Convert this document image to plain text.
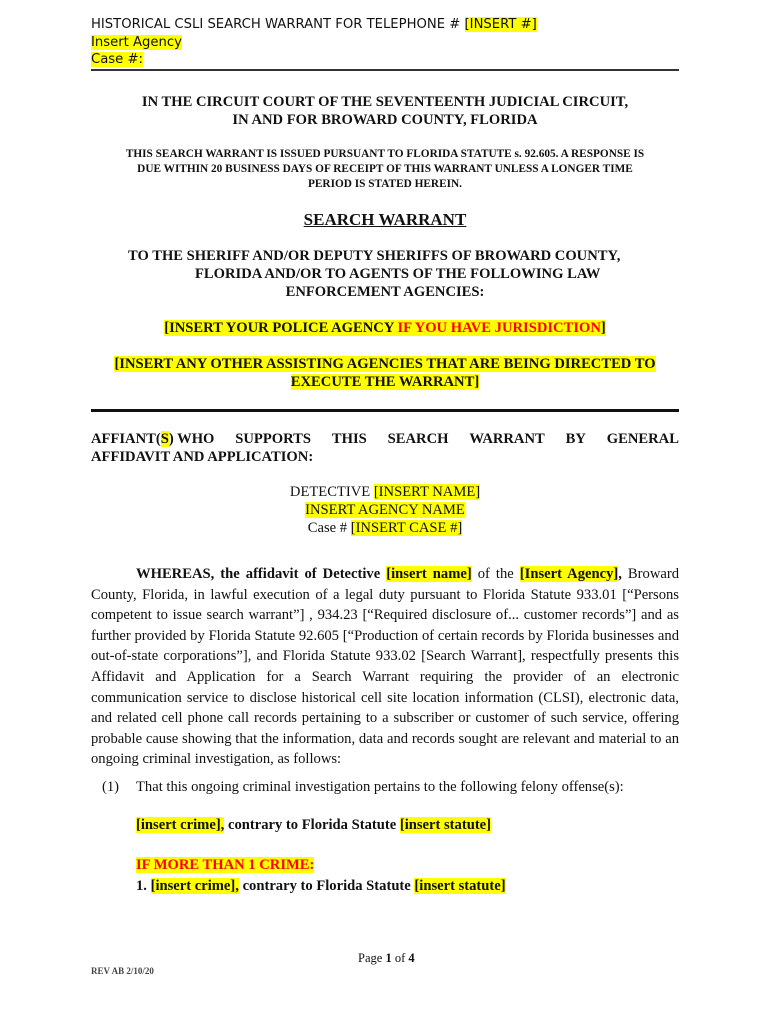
HISTORICAL CSLI SEARCH WARRANT FOR TELEPHONE # [INSERT #]
Insert Agency
Case #:
IN THE CIRCUIT COURT OF THE SEVENTEENTH JUDICIAL CIRCUIT,
IN AND FOR BROWARD COUNTY, FLORIDA
THIS SEARCH WARRANT IS ISSUED PURSUANT TO FLORIDA STATUTE s. 92.605. A RESPONSE IS
DUE WITHIN 20 BUSINESS DAYS OF RECEIPT OF THIS WARRANT UNLESS A LONGER TIME
PERIOD IS STATED HEREIN.
SEARCH WARRANT
TO THE SHERIFF AND/OR DEPUTY SHERIFFS OF BROWARD COUNTY,
FLORIDA AND/OR TO AGENTS OF THE FOLLOWING LAW
ENFORCEMENT AGENCIES:
[INSERT YOUR POLICE AGENCY IF YOU HAVE JURISDICTION]
[INSERT ANY OTHER ASSISTING AGENCIES THAT ARE BEING DIRECTED TO
EXECUTE THE WARRANT]
AFFIANT(S) WHO SUPPORTS THIS SEARCH WARRANT BY GENERAL
AFFIDAVIT AND APPLICATION:
DETECTIVE [INSERT NAME]
INSERT AGENCY NAME
Case # [INSERT CASE #]
WHEREAS, the affidavit of Detective [insert name] of the [Insert Agency], Broward County, Florida, in lawful execution of a legal duty pursuant to Florida Statute 933.01 [“Persons competent to issue search warrant”] , 934.23 [“Required disclosure of... customer records”] and as further provided by Florida Statute 92.605 [“Production of certain records by Florida businesses and out-of-state corporations”], and Florida Statute 933.02 [Search Warrant], respectfully presents this Affidavit and Application for a Search Warrant requiring the provider of an electronic communication service to disclose historical cell site location information (CLSI), electronic data, and related cell phone call records pertaining to a subscriber or customer of such service, offering probable cause showing that the information, data and records sought are relevant and material to an ongoing criminal investigation, as follows:
(1) That this ongoing criminal investigation pertains to the following felony offense(s):
[insert crime], contrary to Florida Statute [insert statute]
IF MORE THAN 1 CRIME:
1. [insert crime], contrary to Florida Statute [insert statute]
Page 1 of 4
REV AB 2/10/20
